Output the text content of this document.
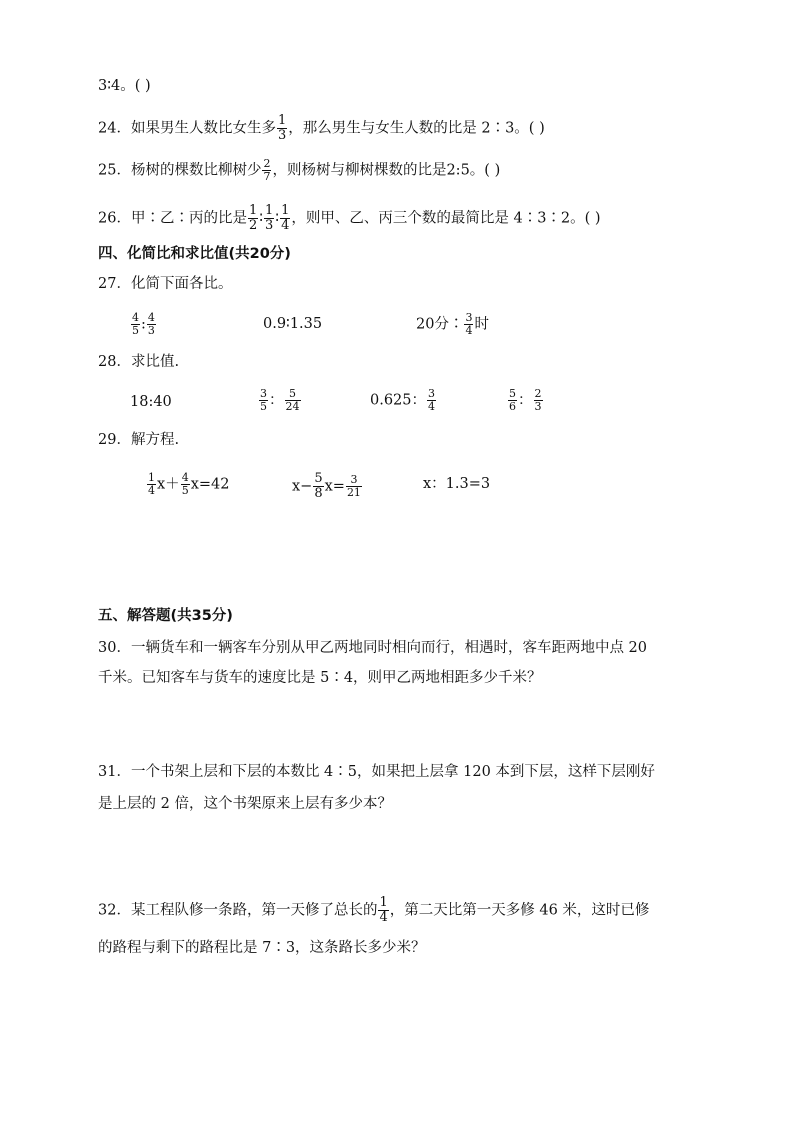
3∶4。( )
24．如果男生人数比女生多 $\frac{1}{3}$ ，那么男生与女生人数的比是 2∶3。( )
25．杨树的棵数比柳树少 $\frac{2}{7}$ ，则杨树与柳树棵数的比是2:5。( )
26．甲∶乙∶丙的比是 $\frac{1}{2}$ ∶ $\frac{1}{3}$ ∶ $\frac{1}{4}$ ，则甲、乙、丙三个数的最简比是 4∶3∶2。( )
四、化简比和求比值(共20分)
27．化简下面各比。
$\frac{4}{5}$ : $\frac{4}{3}$	0.9∶1.35	20分∶ $\frac{3}{4}$ 时
28．求比值.
18:40	$\frac{3}{5}$ ： $\frac{5}{24}$	0.625： $\frac{3}{4}$	$\frac{5}{6}$ ： $\frac{2}{3}$
29．解方程.
$\frac{1}{4} x+ \frac{4}{5} x=42$	$x- \frac{5}{8} x= \frac{3}{21}$	x：1.3=3
五、解答题(共35分)
30．一辆货车和一辆客车分别从甲乙两地同时相向而行，相遇时，客车距两地中点 20
千米。已知客车与货车的速度比是 5∶4，则甲乙两地相距多少千米？
31．一个书架上层和下层的本数比 4∶5，如果把上层拿 120 本到下层，这样下层刚好
是上层的 2 倍，这个书架原来上层有多少本？
32．某工程队修一条路，第一天修了总长的 $\frac{1}{4}$ ，第二天比第一天多修 46 米，这时已修
的路程与剩下的路程比是 7∶3，这条路长多少米？
